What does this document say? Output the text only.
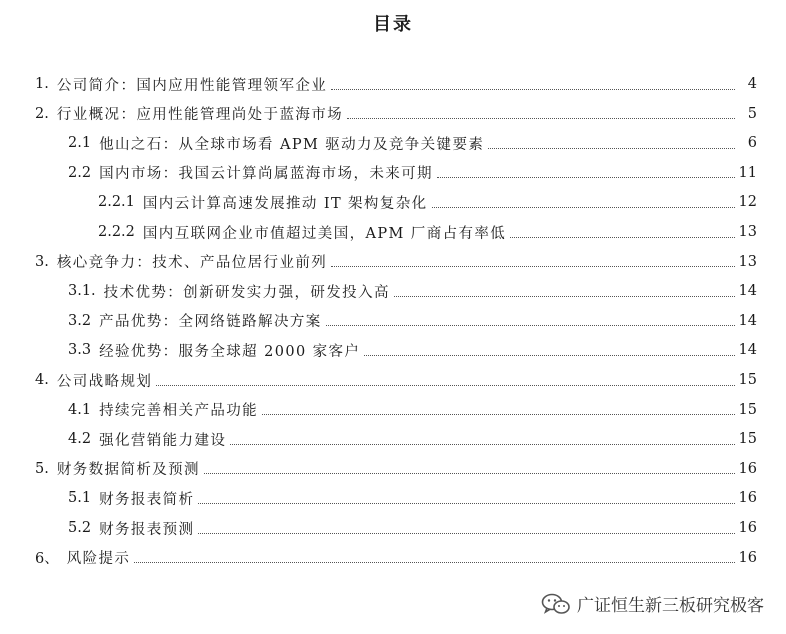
目录
1. 公司简介：国内应用性能管理领军企业	4
2. 行业概况：应用性能管理尚处于蓝海市场	5
2.1 他山之石：从全球市场看 APM 驱动力及竞争关键要素	6
2.2 国内市场：我国云计算尚属蓝海市场，未来可期	11
2.2.1 国内云计算高速发展推动 IT 架构复杂化	12
2.2.2 国内互联网企业市值超过美国，APM 厂商占有率低	13
3. 核心竞争力：技术、产品位居行业前列	13
3.1. 技术优势：创新研发实力强，研发投入高	14
3.2 产品优势：全网络链路解决方案	14
3.3 经验优势：服务全球超 2000 家客户	14
4. 公司战略规划	15
4.1 持续完善相关产品功能	15
4.2 强化营销能力建设	15
5. 财务数据简析及预测	16
5.1 财务报表简析	16
5.2 财务报表预测	16
6、 风险提示	16
广证恒生新三板研究极客
